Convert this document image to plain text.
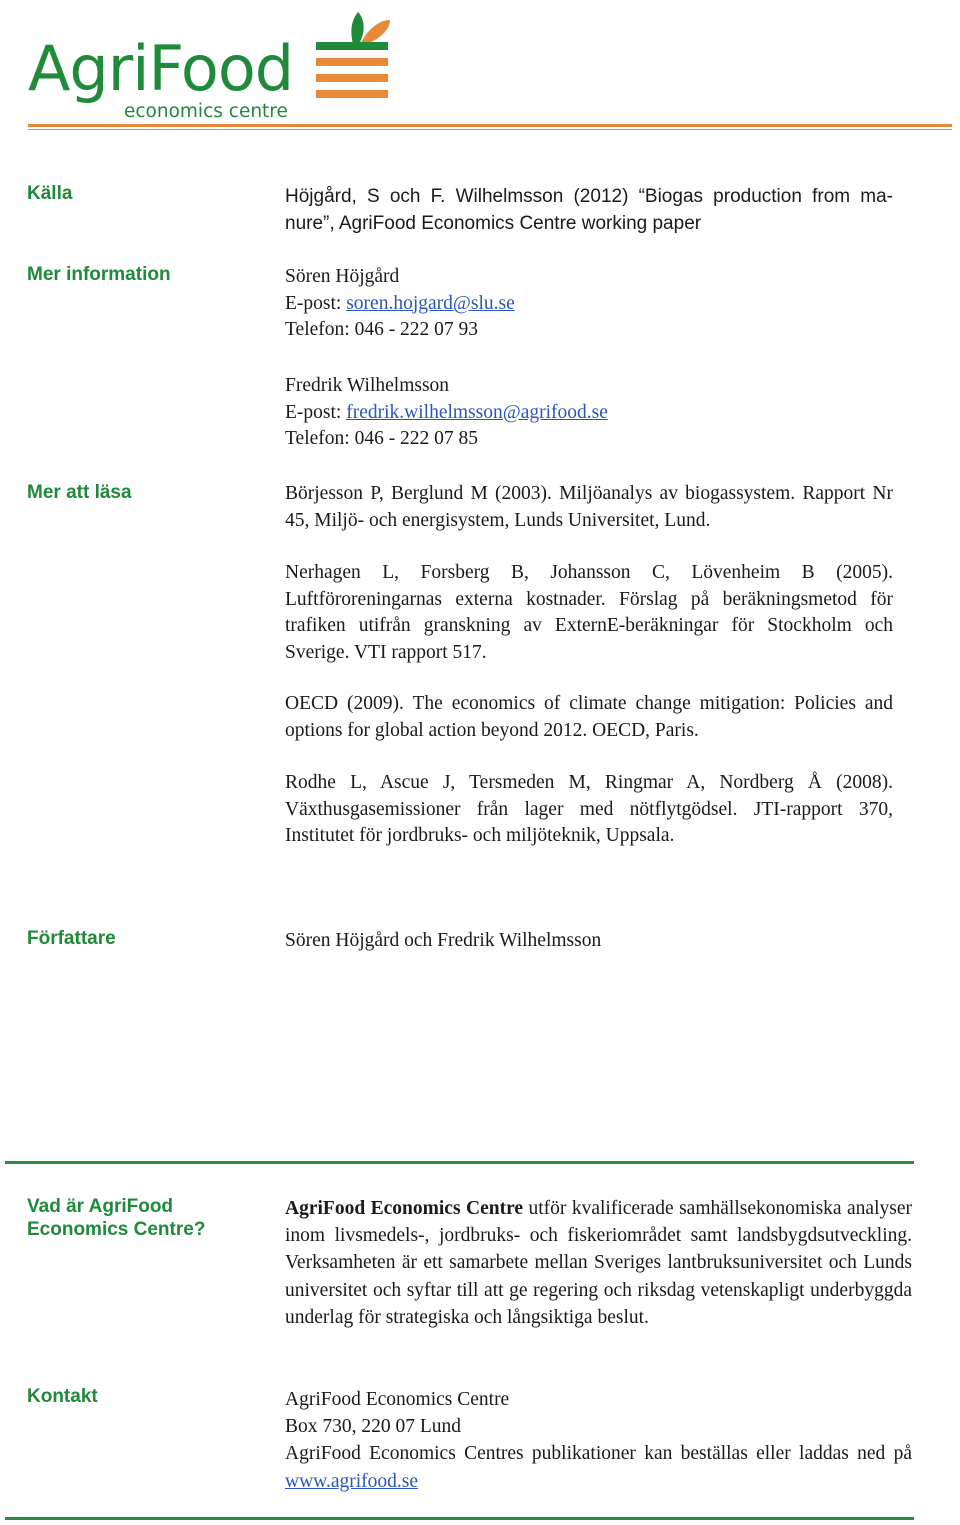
AgriFood
economics centre
Källa	Höjgård, S och F. Wilhelmsson (2012) “Biogas production from ma-nure”, AgriFood Economics Centre working paper
Mer information	Sören Höjgård

E-post: soren.hojgard@slu.se

Telefon: 046 - 222 07 93

Fredrik Wilhelmsson

E-post: fredrik.wilhelmsson@agrifood.se

Telefon: 046 - 222 07 85

Mer att läsa	Börjesson P, Berglund M (2003). Miljöanalys av biogassystem. Rapport Nr 45, Miljö- och energisystem, Lunds Universitet, Lund.
Nerhagen L, Forsberg B, Johansson C, Lövenheim B (2005). Luftföroreningarnas externa kostnader. Förslag på beräkningsmetod för trafiken utifrån granskning av ExternE-beräkningar för Stockholm och Sverige. VTI rapport 517.
OECD (2009). The economics of climate change mitigation: Policies and options for global action beyond 2012. OECD, Paris.
Rodhe L, Ascue J, Tersmeden M, Ringmar A, Nordberg Å (2008). Växthusgasemissioner från lager med nötflytgödsel. JTI-rapport 370, Institutet för jordbruks- och miljöteknik, Uppsala.
Författare	Sören Höjgård och Fredrik Wilhelmsson
Vad är AgriFood Economics Centre?
AgriFood Economics Centre utför kvalificerade samhällsekonomiska analyser inom livsmedels-, jordbruks- och fiskeriområdet samt landsbygdsutveckling. Verksamheten är ett samarbete mellan Sveriges lantbruksuniversitet och Lunds universitet och syftar till att ge regering och riksdag vetenskapligt underbyggda underlag för strategiska och långsiktiga beslut.
Kontakt	AgriFood Economics Centre

Box 730, 220 07 Lund

AgriFood Economics Centres publikationer kan beställas eller laddas ned på www.agrifood.se
